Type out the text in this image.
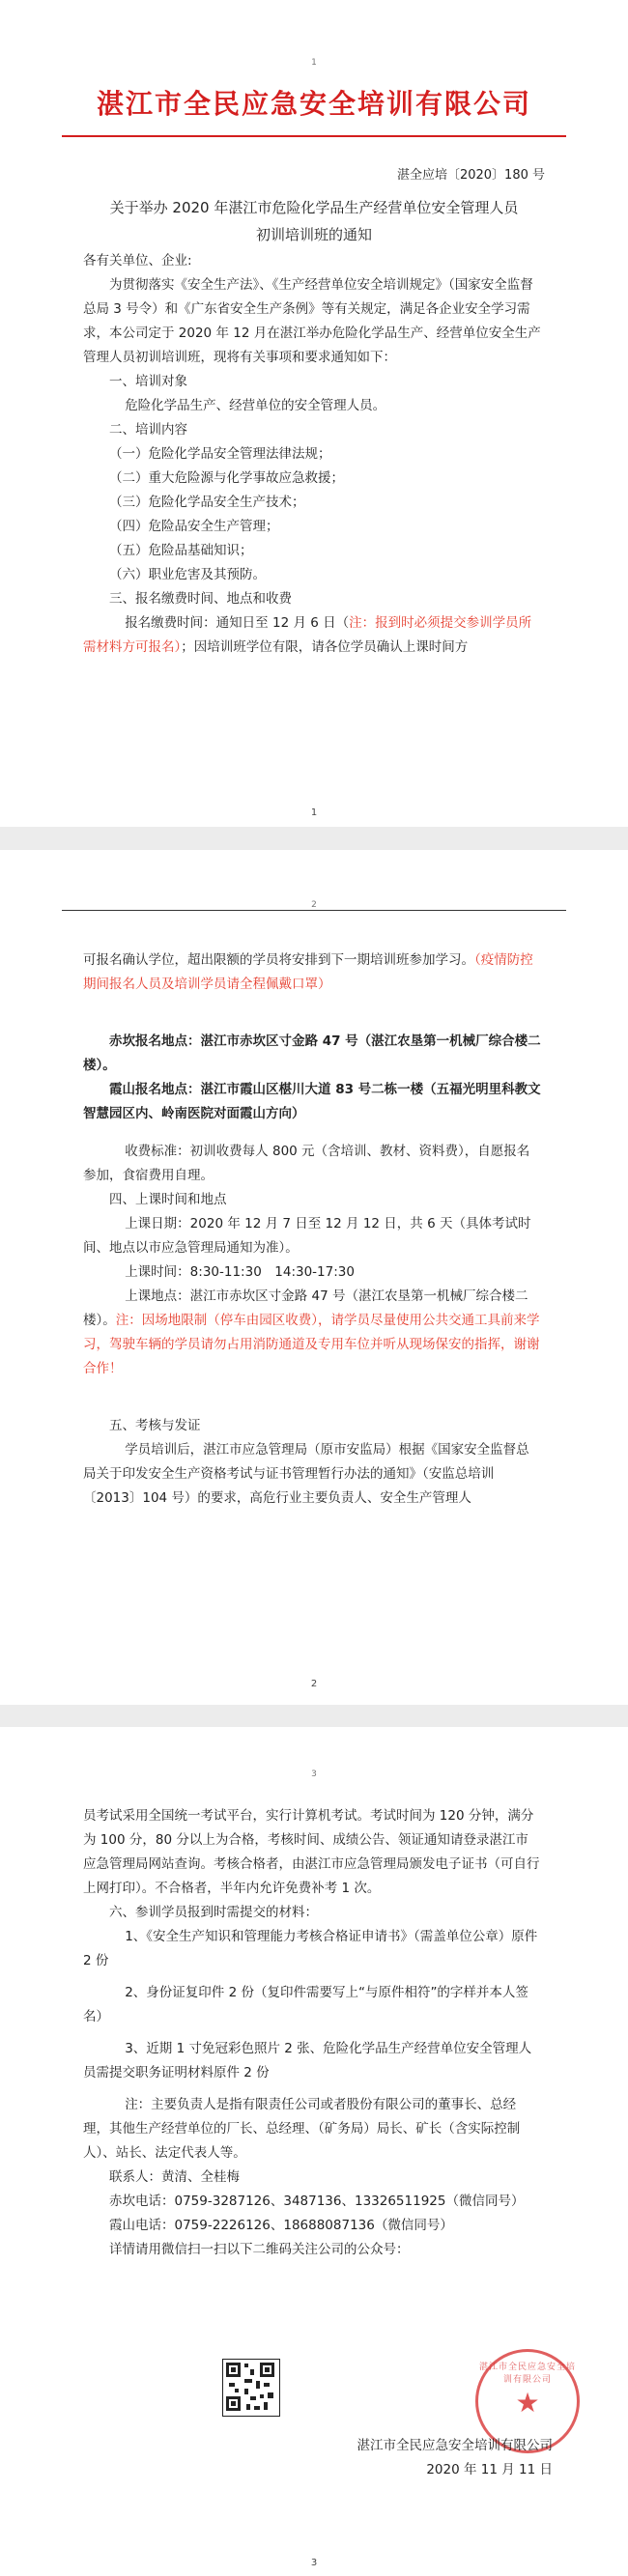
1
湛江市全民应急安全培训有限公司
湛全应培〔2020〕180 号
关于举办 2020 年湛江市危险化学品生产经营单位安全管理人员
初训培训班的通知

各有关单位、企业:

为贯彻落实《安全生产法》、《生产经营单位安全培训规定》（国家安全监督总局 3 号令）和《广东省安全生产条例》等有关规定，满足各企业安全学习需求，本公司定于 2020 年 12 月在湛江举办危险化学品生产、经营单位安全生产管理人员初训培训班，现将有关事项和要求通知如下：

一、培训对象

危险化学品生产、经营单位的安全管理人员。

二、培训内容

（一）危险化学品安全管理法律法规；

（二）重大危险源与化学事故应急救援；

（三）危险化学品安全生产技术；

（四）危险品安全生产管理；

（五）危险品基础知识；

（六）职业危害及其预防。

三、报名缴费时间、地点和收费

报名缴费时间：通知日至 12 月 6 日（注：报到时必须提交参训学员所需材料方可报名）；因培训班学位有限，请各位学员确认上课时间方

1
2

可报名确认学位，超出限额的学员将安排到下一期培训班参加学习。（疫情防控期间报名人员及培训学员请全程佩戴口罩）

赤坎报名地点：湛江市赤坎区寸金路 47 号（湛江农垦第一机械厂综合楼二楼）。

霞山报名地点：湛江市霞山区椹川大道 83 号二栋一楼（五福光明里科教文智慧园区内、岭南医院对面霞山方向）

收费标准：初训收费每人 800 元（含培训、教材、资料费），自愿报名参加，食宿费用自理。

四、上课时间和地点

上课日期：2020 年 12 月 7 日至 12 月 12 日，共 6 天（具体考试时间、地点以市应急管理局通知为准）。

上课时间：8:30-11:30　14:30-17:30

上课地点：湛江市赤坎区寸金路 47 号（湛江农垦第一机械厂综合楼二楼）。注：因场地限制（停车由园区收费），请学员尽量使用公共交通工具前来学习，驾驶车辆的学员请勿占用消防通道及专用车位并听从现场保安的指挥，谢谢合作！

五、考核与发证

学员培训后，湛江市应急管理局（原市安监局）根据《国家安全监督总局关于印发安全生产资格考试与证书管理暂行办法的通知》（安监总培训〔2013〕104 号）的要求，高危行业主要负责人、安全生产管理人

2
3

员考试采用全国统一考试平台，实行计算机考试。考试时间为 120 分钟，满分为 100 分，80 分以上为合格，考核时间、成绩公告、领证通知请登录湛江市应急管理局网站查询。考核合格者，由湛江市应急管理局颁发电子证书（可自行上网打印）。不合格者，半年内允许免费补考 1 次。

六、参训学员报到时需提交的材料：

1、《安全生产知识和管理能力考核合格证申请书》（需盖单位公章）原件 2 份

2、身份证复印件 2 份（复印件需要写上“与原件相符”的字样并本人签名）

3、近期 1 寸免冠彩色照片 2 张、危险化学品生产经营单位安全管理人员需提交职务证明材料原件 2 份

注：主要负责人是指有限责任公司或者股份有限公司的董事长、总经理，其他生产经营单位的厂长、总经理、（矿务局）局长、矿长（含实际控制人）、站长、法定代表人等。

联系人：黄清、全桂梅

赤坎电话：0759-3287126、3487136、13326511925（微信同号）

霞山电话：0759-2226126、18688087136（微信同号）

详情请用微信扫一扫以下二维码关注公司的公众号：

3
湛江市全民应急安全培训有限公司
★

湛江市全民应急安全培训有限公司

2020 年 11 月 11 日
